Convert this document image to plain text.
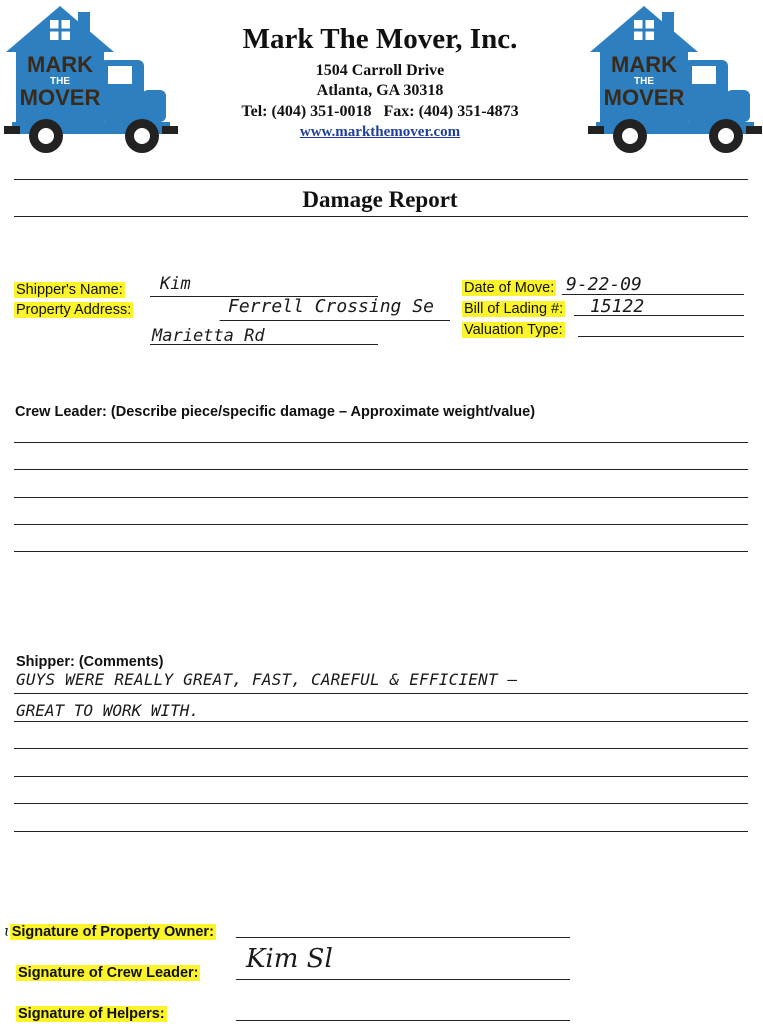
MARK
THE
MOVER
MARK
THE
MOVER
Mark The Mover, Inc.
1504 Carroll Drive
Atlanta, GA 30318
Tel: (404) 351-0018   Fax: (404) 351-4873
www.markthemover.com
Damage Report
Shipper's Name:
Property Address:
Kim
Ferrell Crossing Se
Marietta Rd
Date of Move:
Bill of Lading #:
Valuation Type:
9-22-09
15122
Crew Leader: (Describe piece/specific damage – Approximate weight/value)
Shipper: (Comments)
GUYS WERE REALLY GREAT, FAST, CAREFUL & EFFICIENT –
GREAT TO WORK WITH.
ɩ Signature of Property Owner:
Signature of Crew Leader: Kim Sl
Signature of Helpers:
